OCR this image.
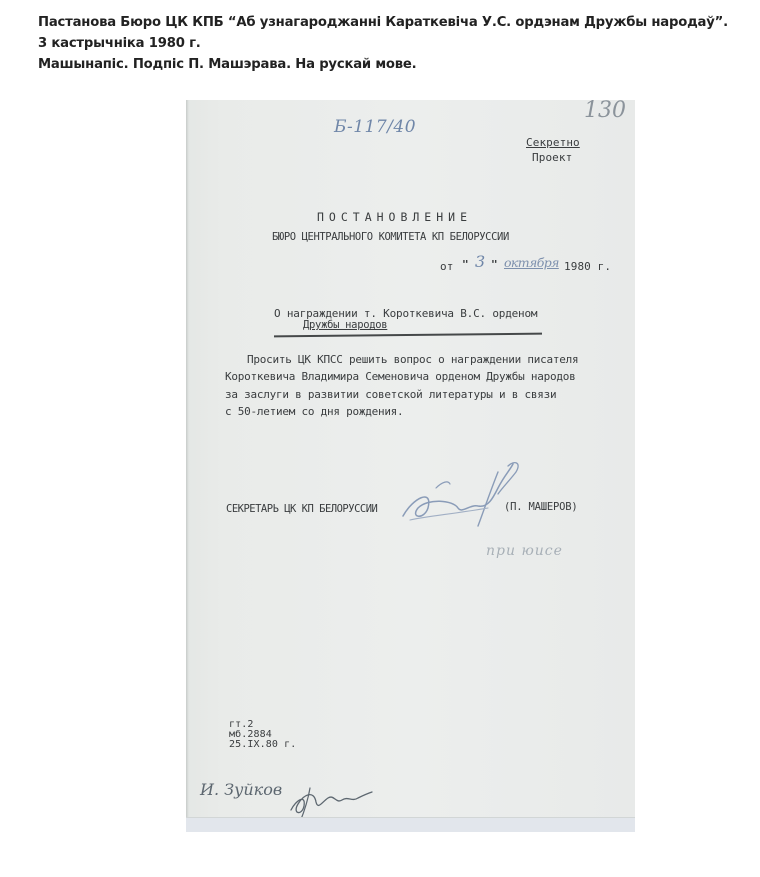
Пастанова Бюро ЦК КПБ “Аб узнагароджанні Караткевіча У.С. ордэнам Дружбы народаў”.
3 кастрычніка 1980 г.
Машынапіс. Подпіс П. Машэрава. На рускай мове.
Б-117/40
130
Секретно
Проект
ПОСТАНОВЛЕНИЕ
БЮРО ЦЕНТРАЛЬНОГО КОМИТЕТА КП БЕЛОРУССИИ
от " 3 " октября 1980 г.
О награждении т. Короткевича В.С. орденом
Дружбы народов
Просить ЦК КПСС решить вопрос о награждении писателя
Короткевича Владимира Семеновича орденом Дружбы народов
за заслуги в развитии советской литературы и в связи
с 50-летием со дня рождения.
СЕКРЕТАРЬ ЦК КП БЕЛОРУССИИ	(П. МАШЕРОВ)
при юисе
гт.2
мб.2884
25.IX.80 г.
И. Зуйков
